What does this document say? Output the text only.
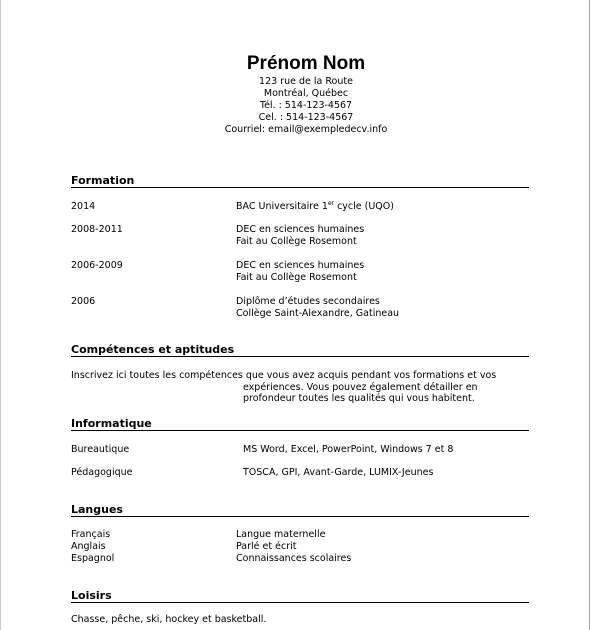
Prénom Nom
123 rue de la Route
Montréal, Québec
Tél. : 514-123-4567
Cel. : 514-123-4567
Courriel: email@exempledecv.info
Formation
2014	BAC Universitaire 1er cycle (UQO)
2008-2011	DEC en sciences humaines
Fait au Collège Rosemont
2006-2009	DEC en sciences humaines
Fait au Collège Rosemont
2006	Diplôme d’études secondaires
Collège Saint-Alexandre, Gatineau
Compétences et aptitudes
Inscrivez ici toutes les compétences que vous avez acquis pendant vos formations et vos
expériences. Vous pouvez également détailler en
profondeur toutes les qualités qui vous habitent.
Informatique
Bureautique	MS Word, Excel, PowerPoint, Windows 7 et 8
Pédagogique	TOSCA, GPI, Avant-Garde, LUMIX-Jeunes
Langues
Français	Langue maternelle
Anglais	Parlé et écrit
Espagnol	Connaissances scolaires
Loisirs
Chasse, pêche, ski, hockey et basketball.
